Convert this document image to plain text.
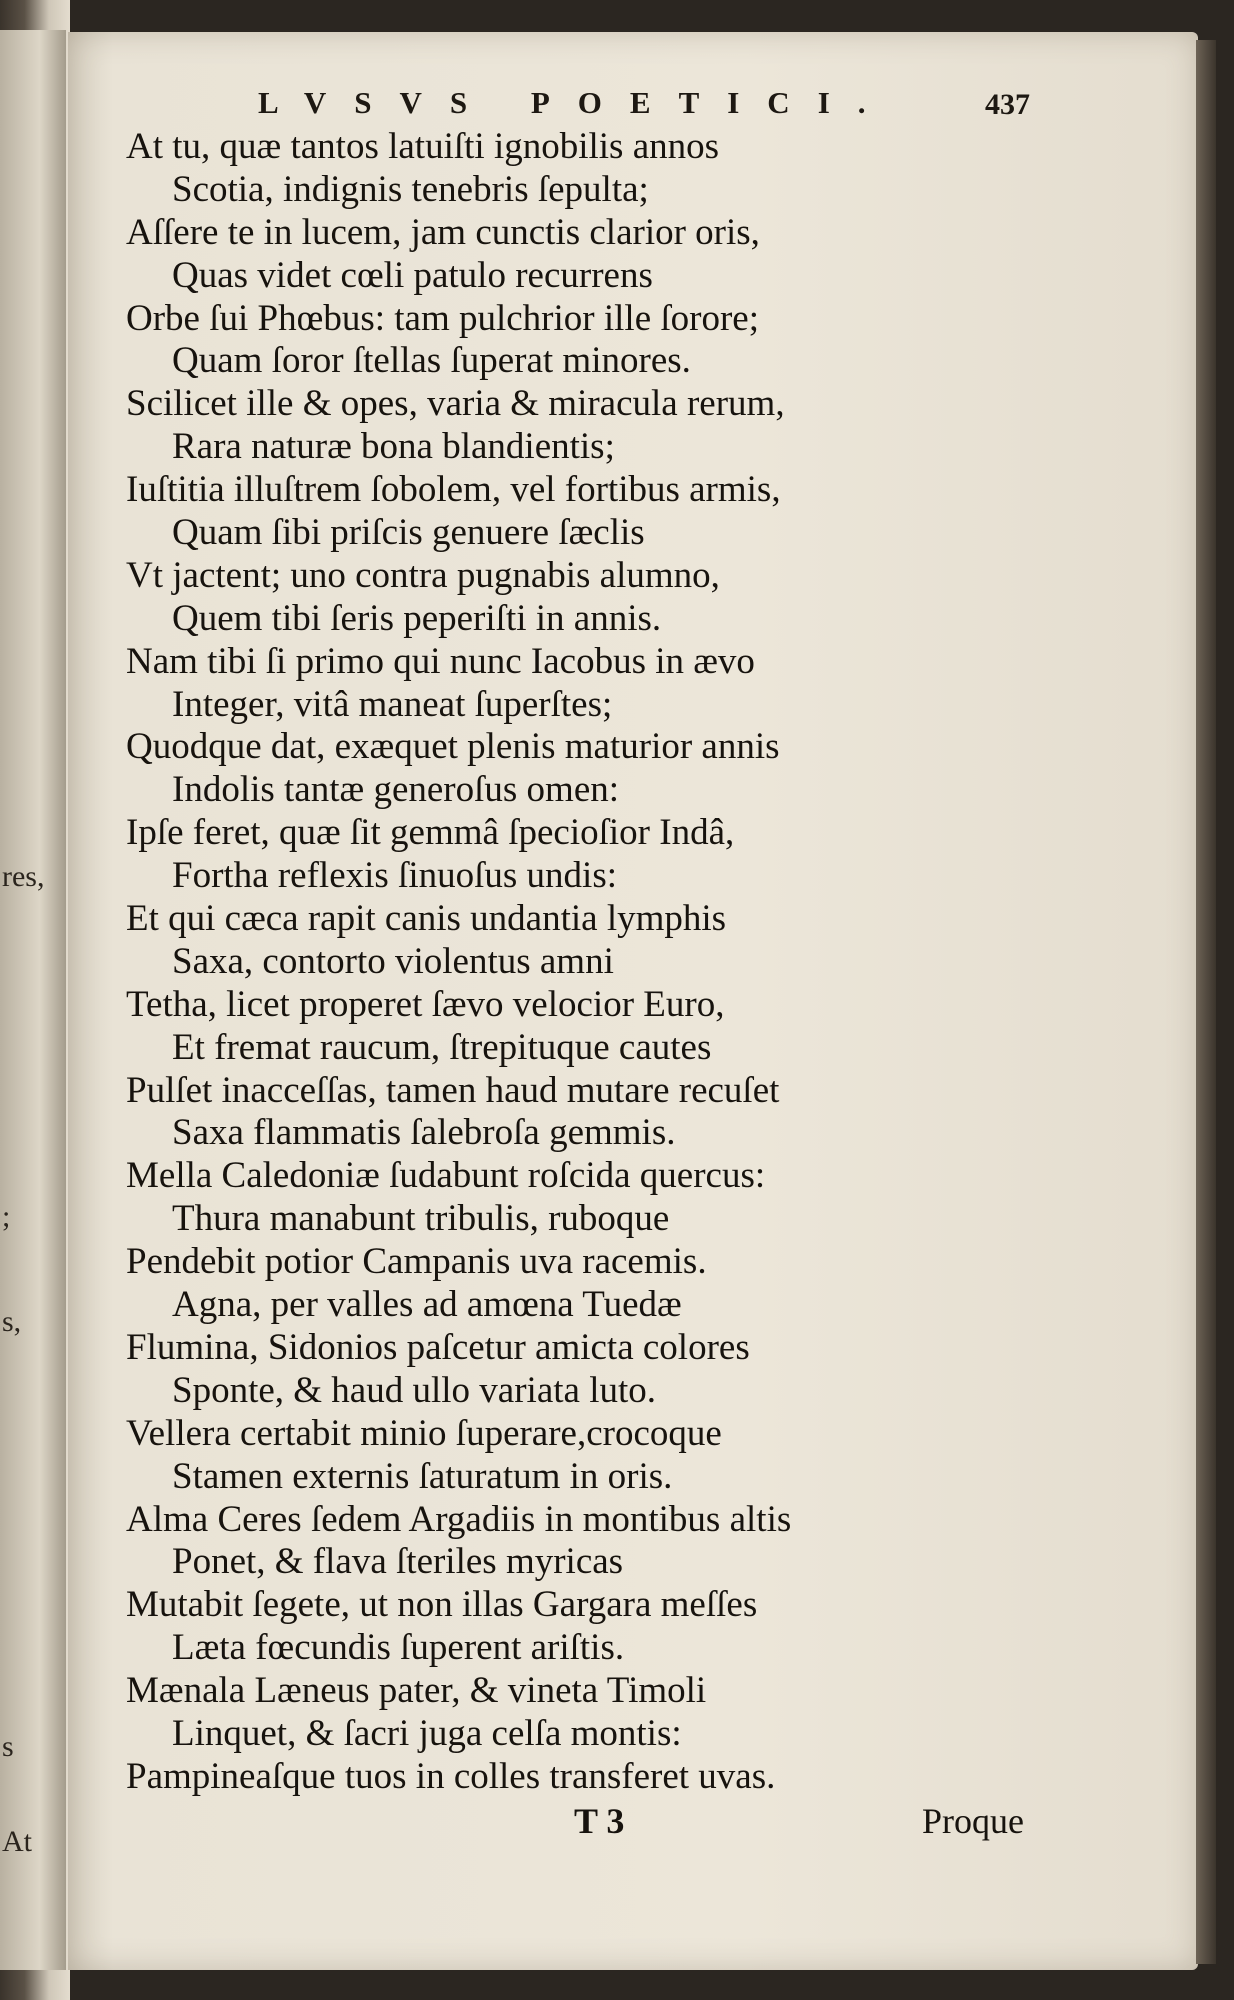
res,
;
s,
s
At
LVSVS POETICI.	437
At tu, quæ tantos latuiſti ignobilis annos
Scotia, indignis tenebris ſepulta;
Aſſere te in lucem, jam cunctis clarior oris,
Quas videt cœli patulo recurrens
Orbe ſui Phœbus: tam pulchrior ille ſorore;
Quam ſoror ſtellas ſuperat minores.
Scilicet ille & opes, varia & miracula rerum,
Rara naturæ bona blandientis;
Iuſtitia illuſtrem ſobolem, vel fortibus armis,
Quam ſibi priſcis genuere ſæclis
Vt jactent; uno contra pugnabis alumno,
Quem tibi ſeris peperiſti in annis.
Nam tibi ſi primo qui nunc Iacobus in ævo
Integer, vitâ maneat ſuperſtes;
Quodque dat, exæquet plenis maturior annis
Indolis tantæ generoſus omen:
Ipſe feret, quæ ſit gemmâ ſpecioſior Indâ,
Fortha reflexis ſinuoſus undis:
Et qui cæca rapit canis undantia lymphis
Saxa, contorto violentus amni
Tetha, licet properet ſævo velocior Euro,
Et fremat raucum, ſtrepituque cautes
Pulſet inacceſſas, tamen haud mutare recuſet
Saxa flammatis ſalebroſa gemmis.
Mella Caledoniæ ſudabunt roſcida quercus:
Thura manabunt tribulis, ruboque
Pendebit potior Campanis uva racemis.
Agna, per valles ad amœna Tuedæ
Flumina, Sidonios paſcetur amicta colores
Sponte, & haud ullo variata luto.
Vellera certabit minio ſuperare,crocoque
Stamen externis ſaturatum in oris.
Alma Ceres ſedem Argadiis in montibus altis
Ponet, & flava ſteriles myricas
Mutabit ſegete, ut non illas Gargara meſſes
Læta fœcundis ſuperent ariſtis.
Mænala Læneus pater, & vineta Timoli
Linquet, & ſacri juga celſa montis:
Pampineaſque tuos in colles transferet uvas.
T 3	Proque
